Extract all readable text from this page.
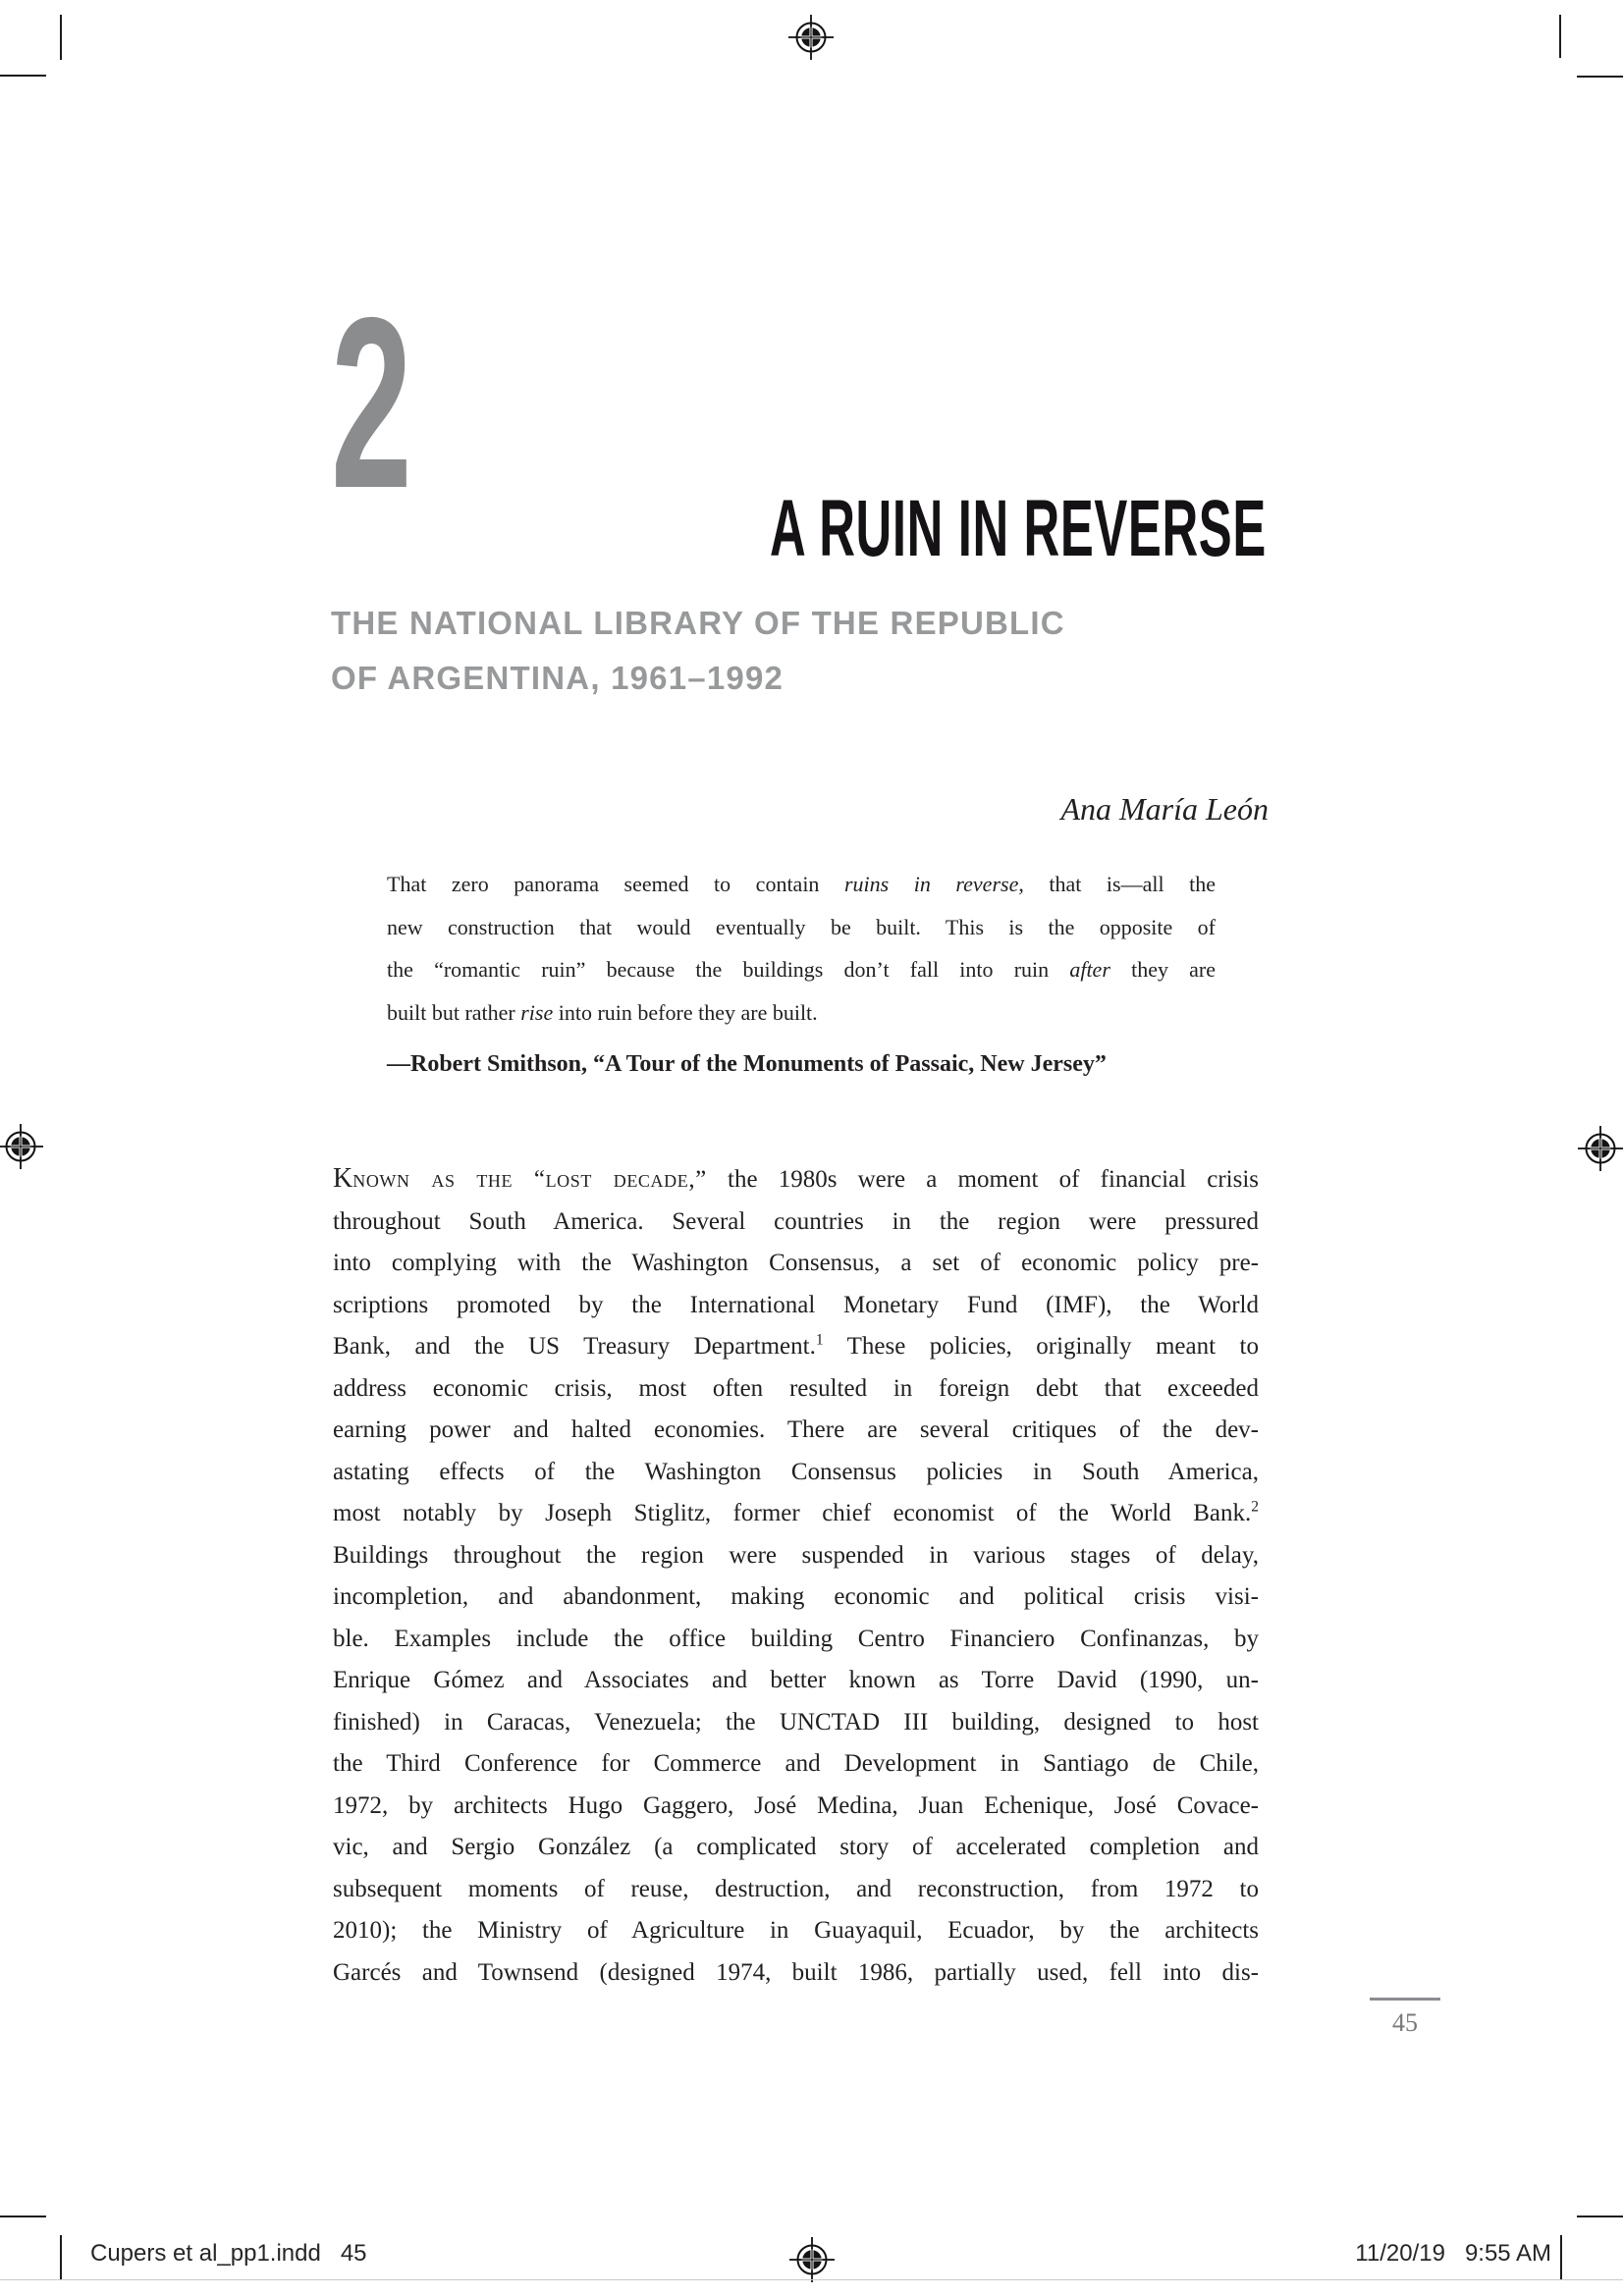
2	A RUIN IN REVERSE
THE NATIONAL LIBRARY OF THE REPUBLIC
OF ARGENTINA, 1961–1992
Ana María León
That zero panorama seemed to contain ruins in reverse, that is—all the
new construction that would eventually be built. This is the opposite of
the “romantic ruin” because the buildings don’t fall into ruin after they are
built but rather rise into ruin before they are built.
—Robert Smithson, “A Tour of the Monuments of Passaic, New Jersey”
Known as the “lost decade,” the 1980s were a moment of financial crisis
throughout South America. Several countries in the region were pressured
into complying with the Washington Consensus, a set of economic policy pre-
scriptions promoted by the International Monetary Fund (IMF), the World
Bank, and the US Treasury Department.$^1$ These policies, originally meant to
address economic crisis, most often resulted in foreign debt that exceeded
earning power and halted economies. There are several critiques of the dev-
astating effects of the Washington Consensus policies in South America,
most notably by Joseph Stiglitz, former chief economist of the World Bank.$^2$
Buildings throughout the region were suspended in various stages of delay,
incompletion, and abandonment, making economic and political crisis visi-
ble. Examples include the office building Centro Financiero Confinanzas, by
Enrique Gómez and Associates and better known as Torre David (1990, un-
finished) in Caracas, Venezuela; the UNCTAD III building, designed to host
the Third Conference for Commerce and Development in Santiago de Chile,
1972, by architects Hugo Gaggero, José Medina, Juan Echenique, José Covace-
vic, and Sergio González (a complicated story of accelerated completion and
subsequent moments of reuse, destruction, and reconstruction, from 1972 to
2010); the Ministry of Agriculture in Guayaquil, Ecuador, by the architects
Garcés and Townsend (designed 1974, built 1986, partially used, fell into dis-
45
Cupers et al_pp1.indd   45	11/20/19   9:55 AM
